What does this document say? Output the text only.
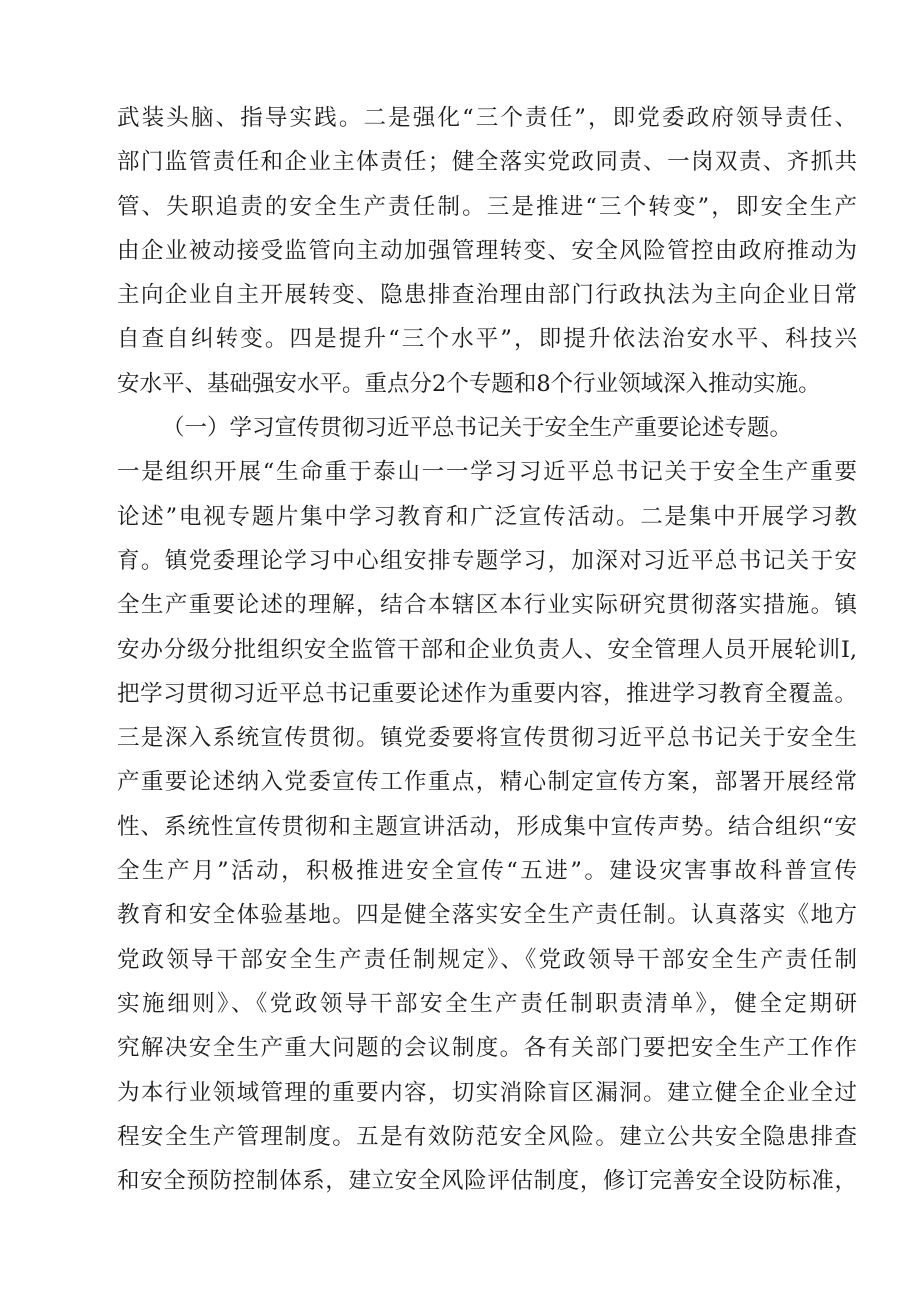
武装头脑、指导实践。二是强化“三个责任”，即党委政府领导责任、
部门监管责任和企业主体责任；健全落实党政同责、一岗双责、齐抓共
管、失职追责的安全生产责任制。三是推进“三个转变”，即安全生产
由企业被动接受监管向主动加强管理转变、安全风险管控由政府推动为
主向企业自主开展转变、隐患排查治理由部门行政执法为主向企业日常
自查自纠转变。四是提升“三个水平”，即提升依法治安水平、科技兴
安水平、基础强安水平。重点分2个专题和8个行业领域深入推动实施。
（一）学习宣传贯彻习近平总书记关于安全生产重要论述专题。
一是组织开展“生命重于泰山一一学习习近平总书记关于安全生产重要
论述”电视专题片集中学习教育和广泛宣传活动。二是集中开展学习教
育。镇党委理论学习中心组安排专题学习，加深对习近平总书记关于安
全生产重要论述的理解，结合本辖区本行业实际研究贯彻落实措施。镇
安办分级分批组织安全监管干部和企业负责人、安全管理人员开展轮训I,
把学习贯彻习近平总书记重要论述作为重要内容，推进学习教育全覆盖。
三是深入系统宣传贯彻。镇党委要将宣传贯彻习近平总书记关于安全生
产重要论述纳入党委宣传工作重点，精心制定宣传方案，部署开展经常
性、系统性宣传贯彻和主题宣讲活动，形成集中宣传声势。结合组织“安
全生产月”活动，积极推进安全宣传“五进”。建设灾害事故科普宣传
教育和安全体验基地。四是健全落实安全生产责任制。认真落实《地方
党政领导干部安全生产责任制规定》、《党政领导干部安全生产责任制
实施细则》、《党政领导干部安全生产责任制职责清单》，健全定期研
究解决安全生产重大问题的会议制度。各有关部门要把安全生产工作作
为本行业领域管理的重要内容，切实消除盲区漏洞。建立健全企业全过
程安全生产管理制度。五是有效防范安全风险。建立公共安全隐患排查
和安全预防控制体系，建立安全风险评估制度，修订完善安全设防标准，
